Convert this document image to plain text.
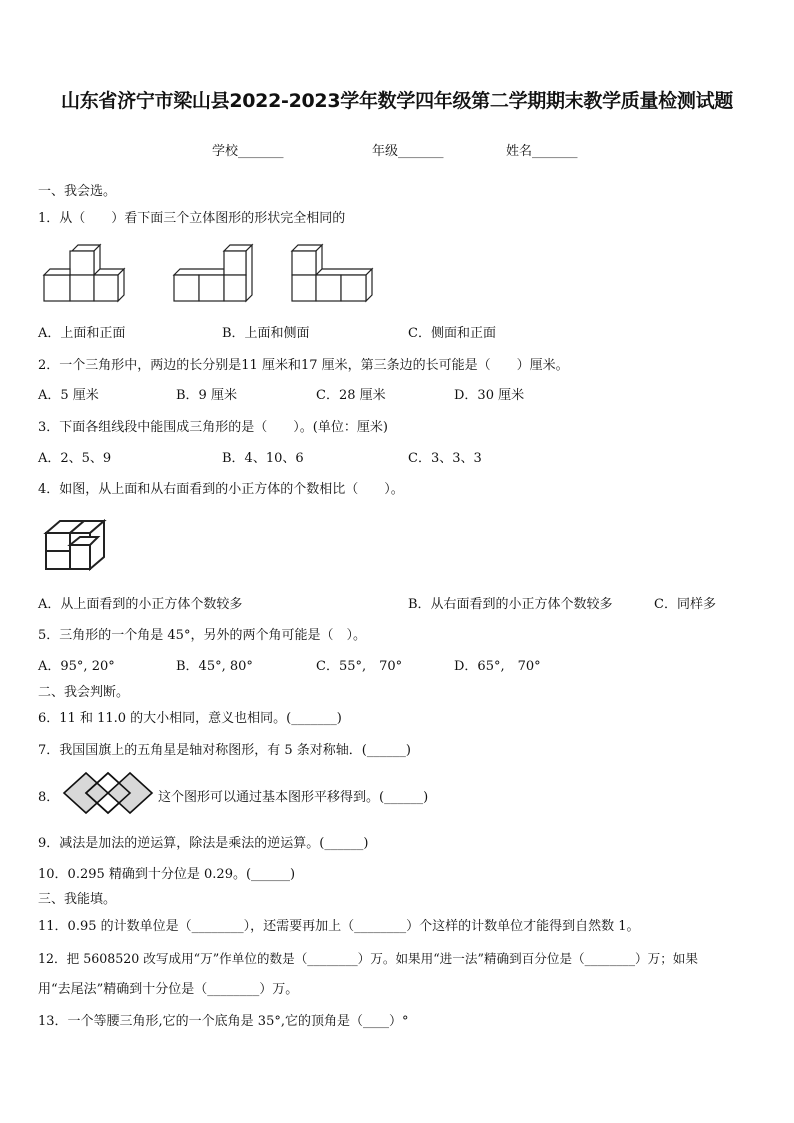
山东省济宁市梁山县2022-2023学年数学四年级第二学期期末教学质量检测试题
学校_______	年级_______	姓名_______
一、我会选。
1．从（　　）看下面三个立体图形的形状完全相同的
A．上面和正面	B．上面和侧面	C．侧面和正面
2．一个三角形中，两边的长分别是11 厘米和17 厘米，第三条边的长可能是（　　）厘米。
A．5 厘米	B．9 厘米	C．28 厘米	D．30 厘米
3．下面各组线段中能围成三角形的是（　　）。(单位：厘米)
A．2、5、9	B．4、10、6	C．3、3、3
4．如图，从上面和从右面看到的小正方体的个数相比（　　）。
A．从上面看到的小正方体个数较多	B．从右面看到的小正方体个数较多	C．同样多
5．三角形的一个角是 45°，另外的两个角可能是（　）。
A．95°, 20°	B．45°, 80°	C．55°,　70°	D．65°,　70°
二、我会判断。
6．11 和 11.0 的大小相同，意义也相同。(_______)
7．我国国旗上的五角星是轴对称图形，有 5 条对称轴．(______)
8．	这个图形可以通过基本图形平移得到。(______)
9．减法是加法的逆运算，除法是乘法的逆运算。(______)
10．0.295 精确到十分位是 0.29。(______)
三、我能填。
11．0.95 的计数单位是（________），还需要再加上（________）个这样的计数单位才能得到自然数 1。
12．把 5608520 改写成用“万”作单位的数是（________）万。如果用“进一法”精确到百分位是（________）万；如果
用“去尾法”精确到十分位是（________）万。
13．一个等腰三角形,它的一个底角是 35°,它的顶角是（____）°
